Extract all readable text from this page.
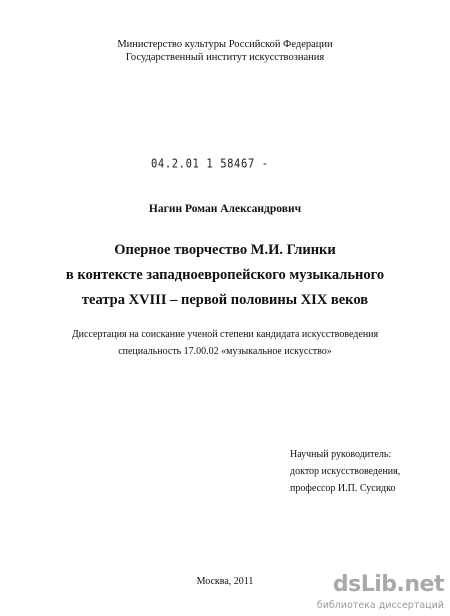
Министерство культуры Российской Федерации
Государственный институт искусствознания
04.2.01 1 58467 -
Нагин Роман Александрович
Оперное творчество М.И. Глинки
в контексте западноевропейского музыкального
театра XVIII – первой половины XIX веков
Диссертация на соискание ученой степени кандидата искусствоведения
специальность 17.00.02 «музыкальное искусство»
Научный руководитель:
доктор искусствоведения,
профессор И.П. Сусидко
Москва, 2011	dsLib.net
библиотека диссертаций
